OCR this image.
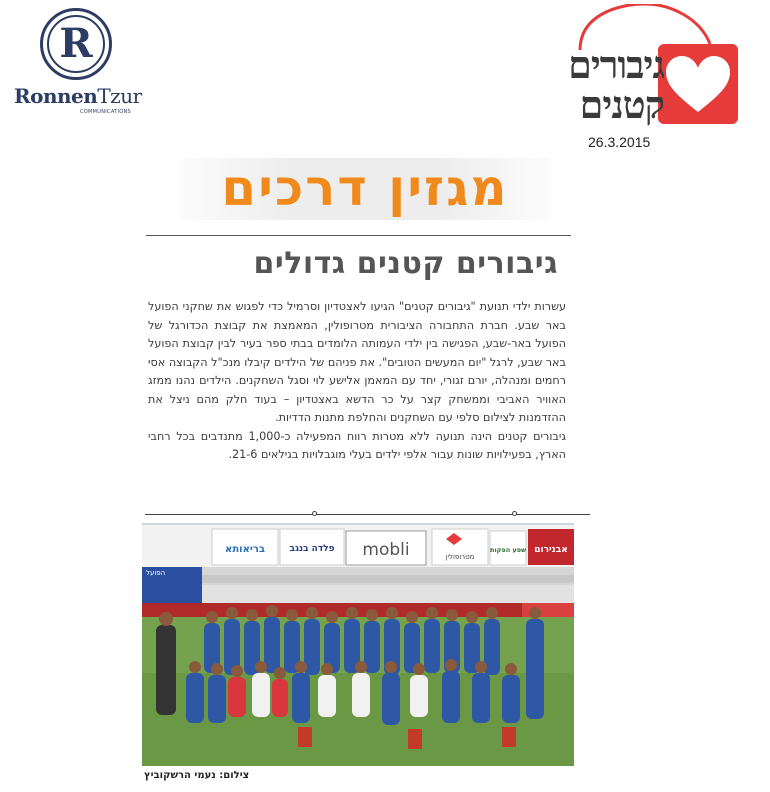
R
RonnenTzur
COMMUNICATIONS
גיבורים
קטנים
26.3.2015
מגזין דרכים
גיבורים קטנים גדולים

עשרות ילדי תנועת "גיבורים קטנים" הגיעו לאצטדיון וסרמיל כדי לפגוש את שחקני הפועל באר שבע. חברת התחבורה הציבורית מטרופולין, המאמצת את קבוצת הכדורגל של הפועל באר-שבע, הפגישה בין ילדי העמותה הלומדים בבתי ספר בעיר לבין קבוצת הפועל באר שבע, לרגל "יום המעשים הטובים". את פניהם של הילדים קיבלו מנכ"ל הקבוצה אסי רחמים ומנהלה, יורם זגורי, יחד עם המאמן אלישע לוי וסגל השחקנים. הילדים נהנו ממזג האוויר האביבי וממשחק קצר על כר הדשא באצטדיון – בעוד חלק מהם ניצל את ההזדמנות לצילום סלפי עם השחקנים והחלפת מתנות הדדיות.

גיבורים קטנים הינה תנועה ללא מטרות רווח המפעילה כ-1,000 מתנדבים בכל רחבי הארץ, בפעילויות שונות עבור אלפי ילדים בעלי מוגבלויות בגילאים 21-6.

אבנירום
שפע הפקות
מטרופולין
mobli
פלדה בנגב
בריאותא
הפועל
צילום: נעמי הרשקוביץ
